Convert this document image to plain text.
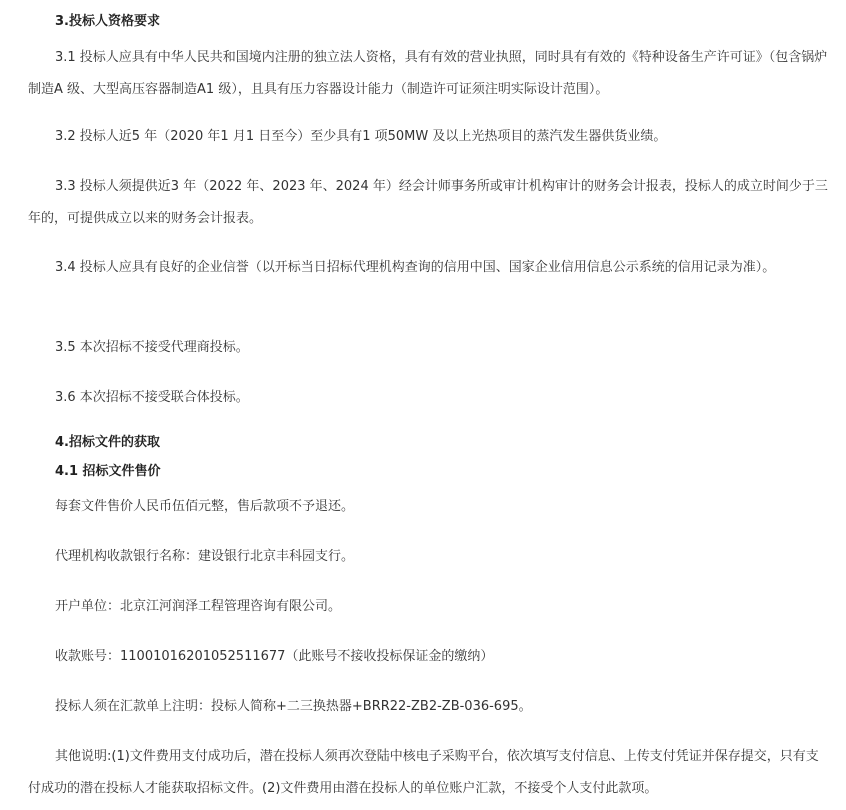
3.投标人资格要求
3.1 投标人应具有中华人民共和国境内注册的独立法人资格，具有有效的营业执照，同时具有有效的《特种设备生产许可证》（包含锅炉制造A 级、大型高压容器制造A1 级），且具有压力容器设计能力（制造许可证须注明实际设计范围）。
3.2 投标人近5 年（2020 年1 月1 日至今）至少具有1 项50MW 及以上光热项目的蒸汽发生器供货业绩。
3.3 投标人须提供近3 年（2022 年、2023 年、2024 年）经会计师事务所或审计机构审计的财务会计报表，投标人的成立时间少于三年的，可提供成立以来的财务会计报表。
3.4 投标人应具有良好的企业信誉（以开标当日招标代理机构查询的信用中国、国家企业信用信息公示系统的信用记录为准）。
3.5 本次招标不接受代理商投标。
3.6 本次招标不接受联合体投标。
4.招标文件的获取
4.1 招标文件售价
每套文件售价人民币伍佰元整，售后款项不予退还。
代理机构收款银行名称：建设银行北京丰科园支行。
开户单位：北京江河润泽工程管理咨询有限公司。
收款账号：11001016201052511677（此账号不接收投标保证金的缴纳）
投标人须在汇款单上注明：投标人简称+二三换热器+BRR22-ZB2-ZB-036-695。
其他说明:(1)文件费用支付成功后，潜在投标人须再次登陆中核电子采购平台，依次填写支付信息、上传支付凭证并保存提交，只有支付成功的潜在投标人才能获取招标文件。(2)文件费用由潜在投标人的单位账户汇款，不接受个人支付此款项。
